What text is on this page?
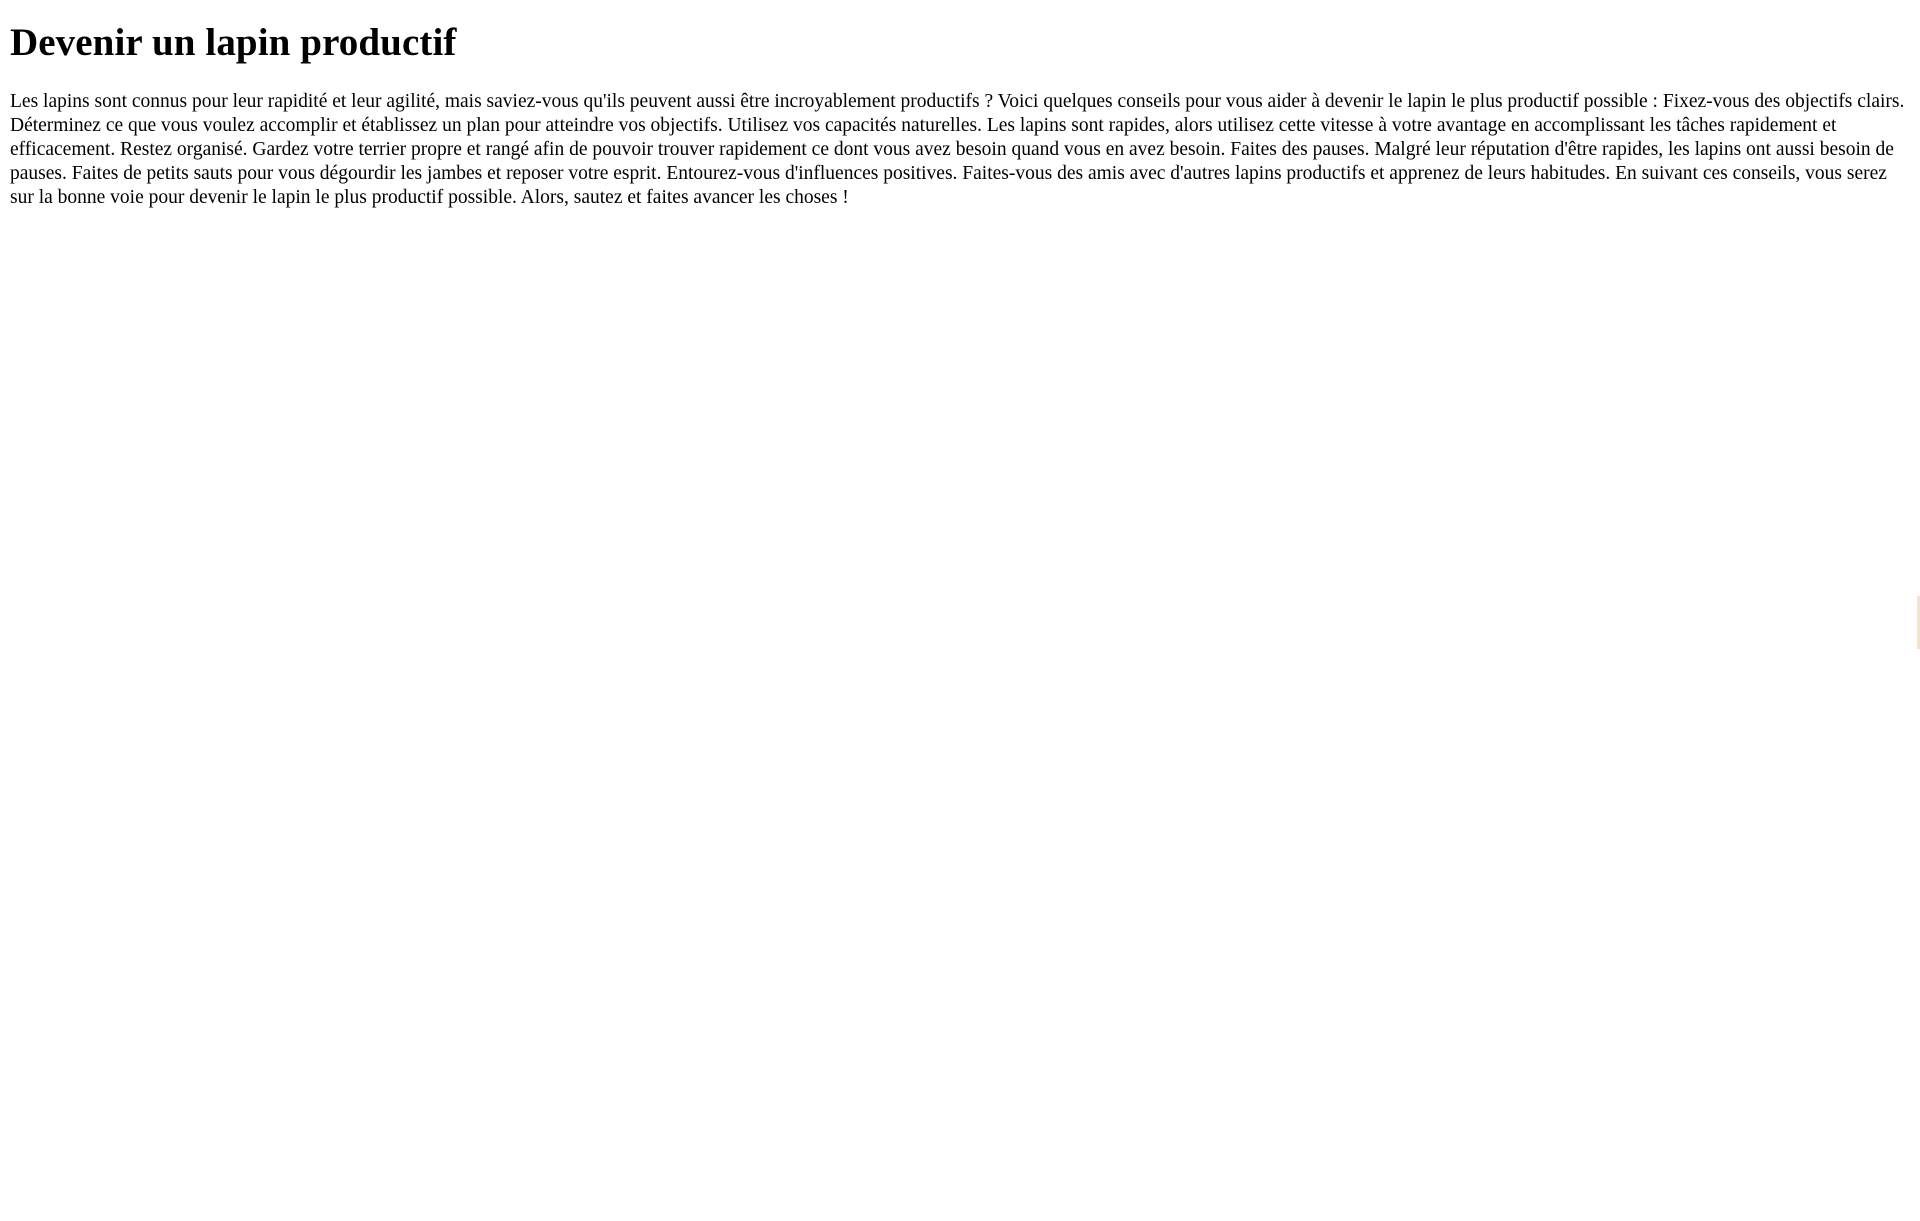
Devenir un lapin productif

Les lapins sont connus pour leur rapidité et leur agilité, mais saviez-vous qu'ils peuvent aussi être incroyablement productifs ? Voici quelques conseils pour vous aider à devenir le lapin le plus productif possible : Fixez-vous des objectifs clairs. Déterminez ce que vous voulez accomplir et établissez un plan pour atteindre vos objectifs. Utilisez vos capacités naturelles. Les lapins sont rapides, alors utilisez cette vitesse à votre avantage en accomplissant les tâches rapidement et efficacement. Restez organisé. Gardez votre terrier propre et rangé afin de pouvoir trouver rapidement ce dont vous avez besoin quand vous en avez besoin. Faites des pauses. Malgré leur réputation d'être rapides, les lapins ont aussi besoin de pauses. Faites de petits sauts pour vous dégourdir les jambes et reposer votre esprit. Entourez-vous d'influences positives. Faites-vous des amis avec d'autres lapins productifs et apprenez de leurs habitudes. En suivant ces conseils, vous serez sur la bonne voie pour devenir le lapin le plus productif possible. Alors, sautez et faites avancer les choses !
